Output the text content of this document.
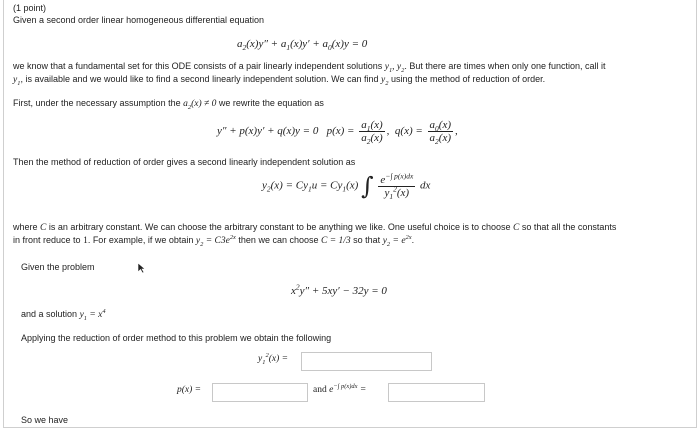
(1 point)
Given a second order linear homogeneous differential equation
$a_2(x)y'' + a_1(x)y' + a_0(x)y = 0$
we know that a fundamental set for this ODE consists of a pair linearly independent solutions $y_1$, $y_2$. But there are times when only one function, call it
$y_1$, is available and we would like to find a second linearly independent solution. We can find $y_2$ using the method of reduction of order.
First, under the necessary assumption the $a_2(x) \ne 0$ we rewrite the equation as
y″ + p(x)y′ + q(x)y = 0   $p(x) = \frac{a_1(x)}{a_2(x)}$ ,  $q(x) = \frac{a_0(x)}{a_2(x)}$ ,
Then the method of reduction of order gives a second linearly independent solution as
$y_2(x) = Cy_1u = Cy_1(x)$ ∫ $\frac{e^{-\int p(x)dx}}{y_1^2(x)}$ dx
where C is an arbitrary constant. We can choose the arbitrary constant to be anything we like. One useful choice is to choose C so that all the constants
in front reduce to 1. For example, if we obtain $y_2 = C3e^{2x}$ then we can choose C = 1/3 so that $y_2 = e^{2x}$.
Given the problem
$x^2y'' + 5xy' - 32y = 0$
and a solution $y_1 = x^4$
Applying the reduction of order method to this problem we obtain the following
$y_1^2(x)$ =
p(x) =	and $e^{-\int p(x)dx}$ =
So we have
